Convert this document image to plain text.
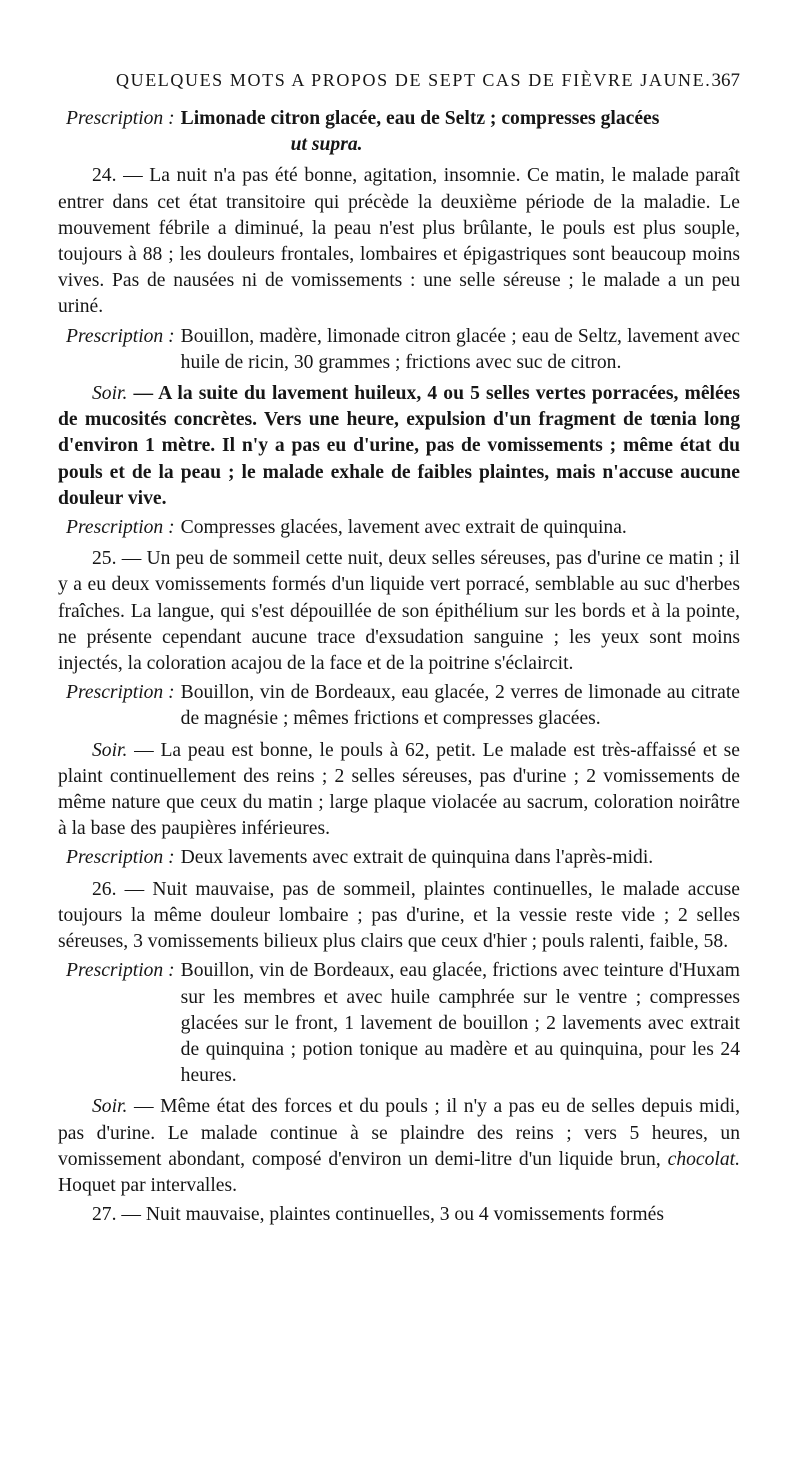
QUELQUES MOTS A PROPOS DE SEPT CAS DE FIÈVRE JAUNE. 367
Prescription : Limonade citron glacée, eau de Seltz ; compresses glacées
ut supra.

24. — La nuit n'a pas été bonne, agitation, insomnie. Ce matin, le malade paraît entrer dans cet état transitoire qui précède la deuxième période de la maladie. Le mouvement fébrile a diminué, la peau n'est plus brûlante, le pouls est plus souple, toujours à 88 ; les douleurs frontales, lombaires et épigastriques sont beaucoup moins vives. Pas de nausées ni de vomissements : une selle séreuse ; le malade a un peu uriné.

Prescription : Bouillon, madère, limonade citron glacée ; eau de Seltz, lavement avec huile de ricin, 30 grammes ; frictions avec suc de citron.

Soir. — A la suite du lavement huileux, 4 ou 5 selles vertes porracées, mêlées de mucosités concrètes. Vers une heure, expulsion d'un fragment de tœnia long d'environ 1 mètre. Il n'y a pas eu d'urine, pas de vomissements ; même état du pouls et de la peau ; le malade exhale de faibles plaintes, mais n'accuse aucune douleur vive.

Prescription : Compresses glacées, lavement avec extrait de quinquina.

25. — Un peu de sommeil cette nuit, deux selles séreuses, pas d'urine ce matin ; il y a eu deux vomissements formés d'un liquide vert porracé, semblable au suc d'herbes fraîches. La langue, qui s'est dépouillée de son épithélium sur les bords et à la pointe, ne présente cependant aucune trace d'exsudation sanguine ; les yeux sont moins injectés, la coloration acajou de la face et de la poitrine s'éclaircit.

Prescription : Bouillon, vin de Bordeaux, eau glacée, 2 verres de limonade au citrate de magnésie ; mêmes frictions et compresses glacées.

Soir. — La peau est bonne, le pouls à 62, petit. Le malade est très-affaissé et se plaint continuellement des reins ; 2 selles séreuses, pas d'urine ; 2 vomissements de même nature que ceux du matin ; large plaque violacée au sacrum, coloration noirâtre à la base des paupières inférieures.

Prescription : Deux lavements avec extrait de quinquina dans l'après-midi.

26. — Nuit mauvaise, pas de sommeil, plaintes continuelles, le malade accuse toujours la même douleur lombaire ; pas d'urine, et la vessie reste vide ; 2 selles séreuses, 3 vomissements bilieux plus clairs que ceux d'hier ; pouls ralenti, faible, 58.

Prescription : Bouillon, vin de Bordeaux, eau glacée, frictions avec teinture d'Huxam sur les membres et avec huile camphrée sur le ventre ; compresses glacées sur le front, 1 lavement de bouillon ; 2 lavements avec extrait de quinquina ; potion tonique au madère et au quinquina, pour les 24 heures.

Soir. — Même état des forces et du pouls ; il n'y a pas eu de selles depuis midi, pas d'urine. Le malade continue à se plaindre des reins ; vers 5 heures, un vomissement abondant, composé d'environ un demi-litre d'un liquide brun, chocolat. Hoquet par intervalles.

27. — Nuit mauvaise, plaintes continuelles, 3 ou 4 vomissements formés
